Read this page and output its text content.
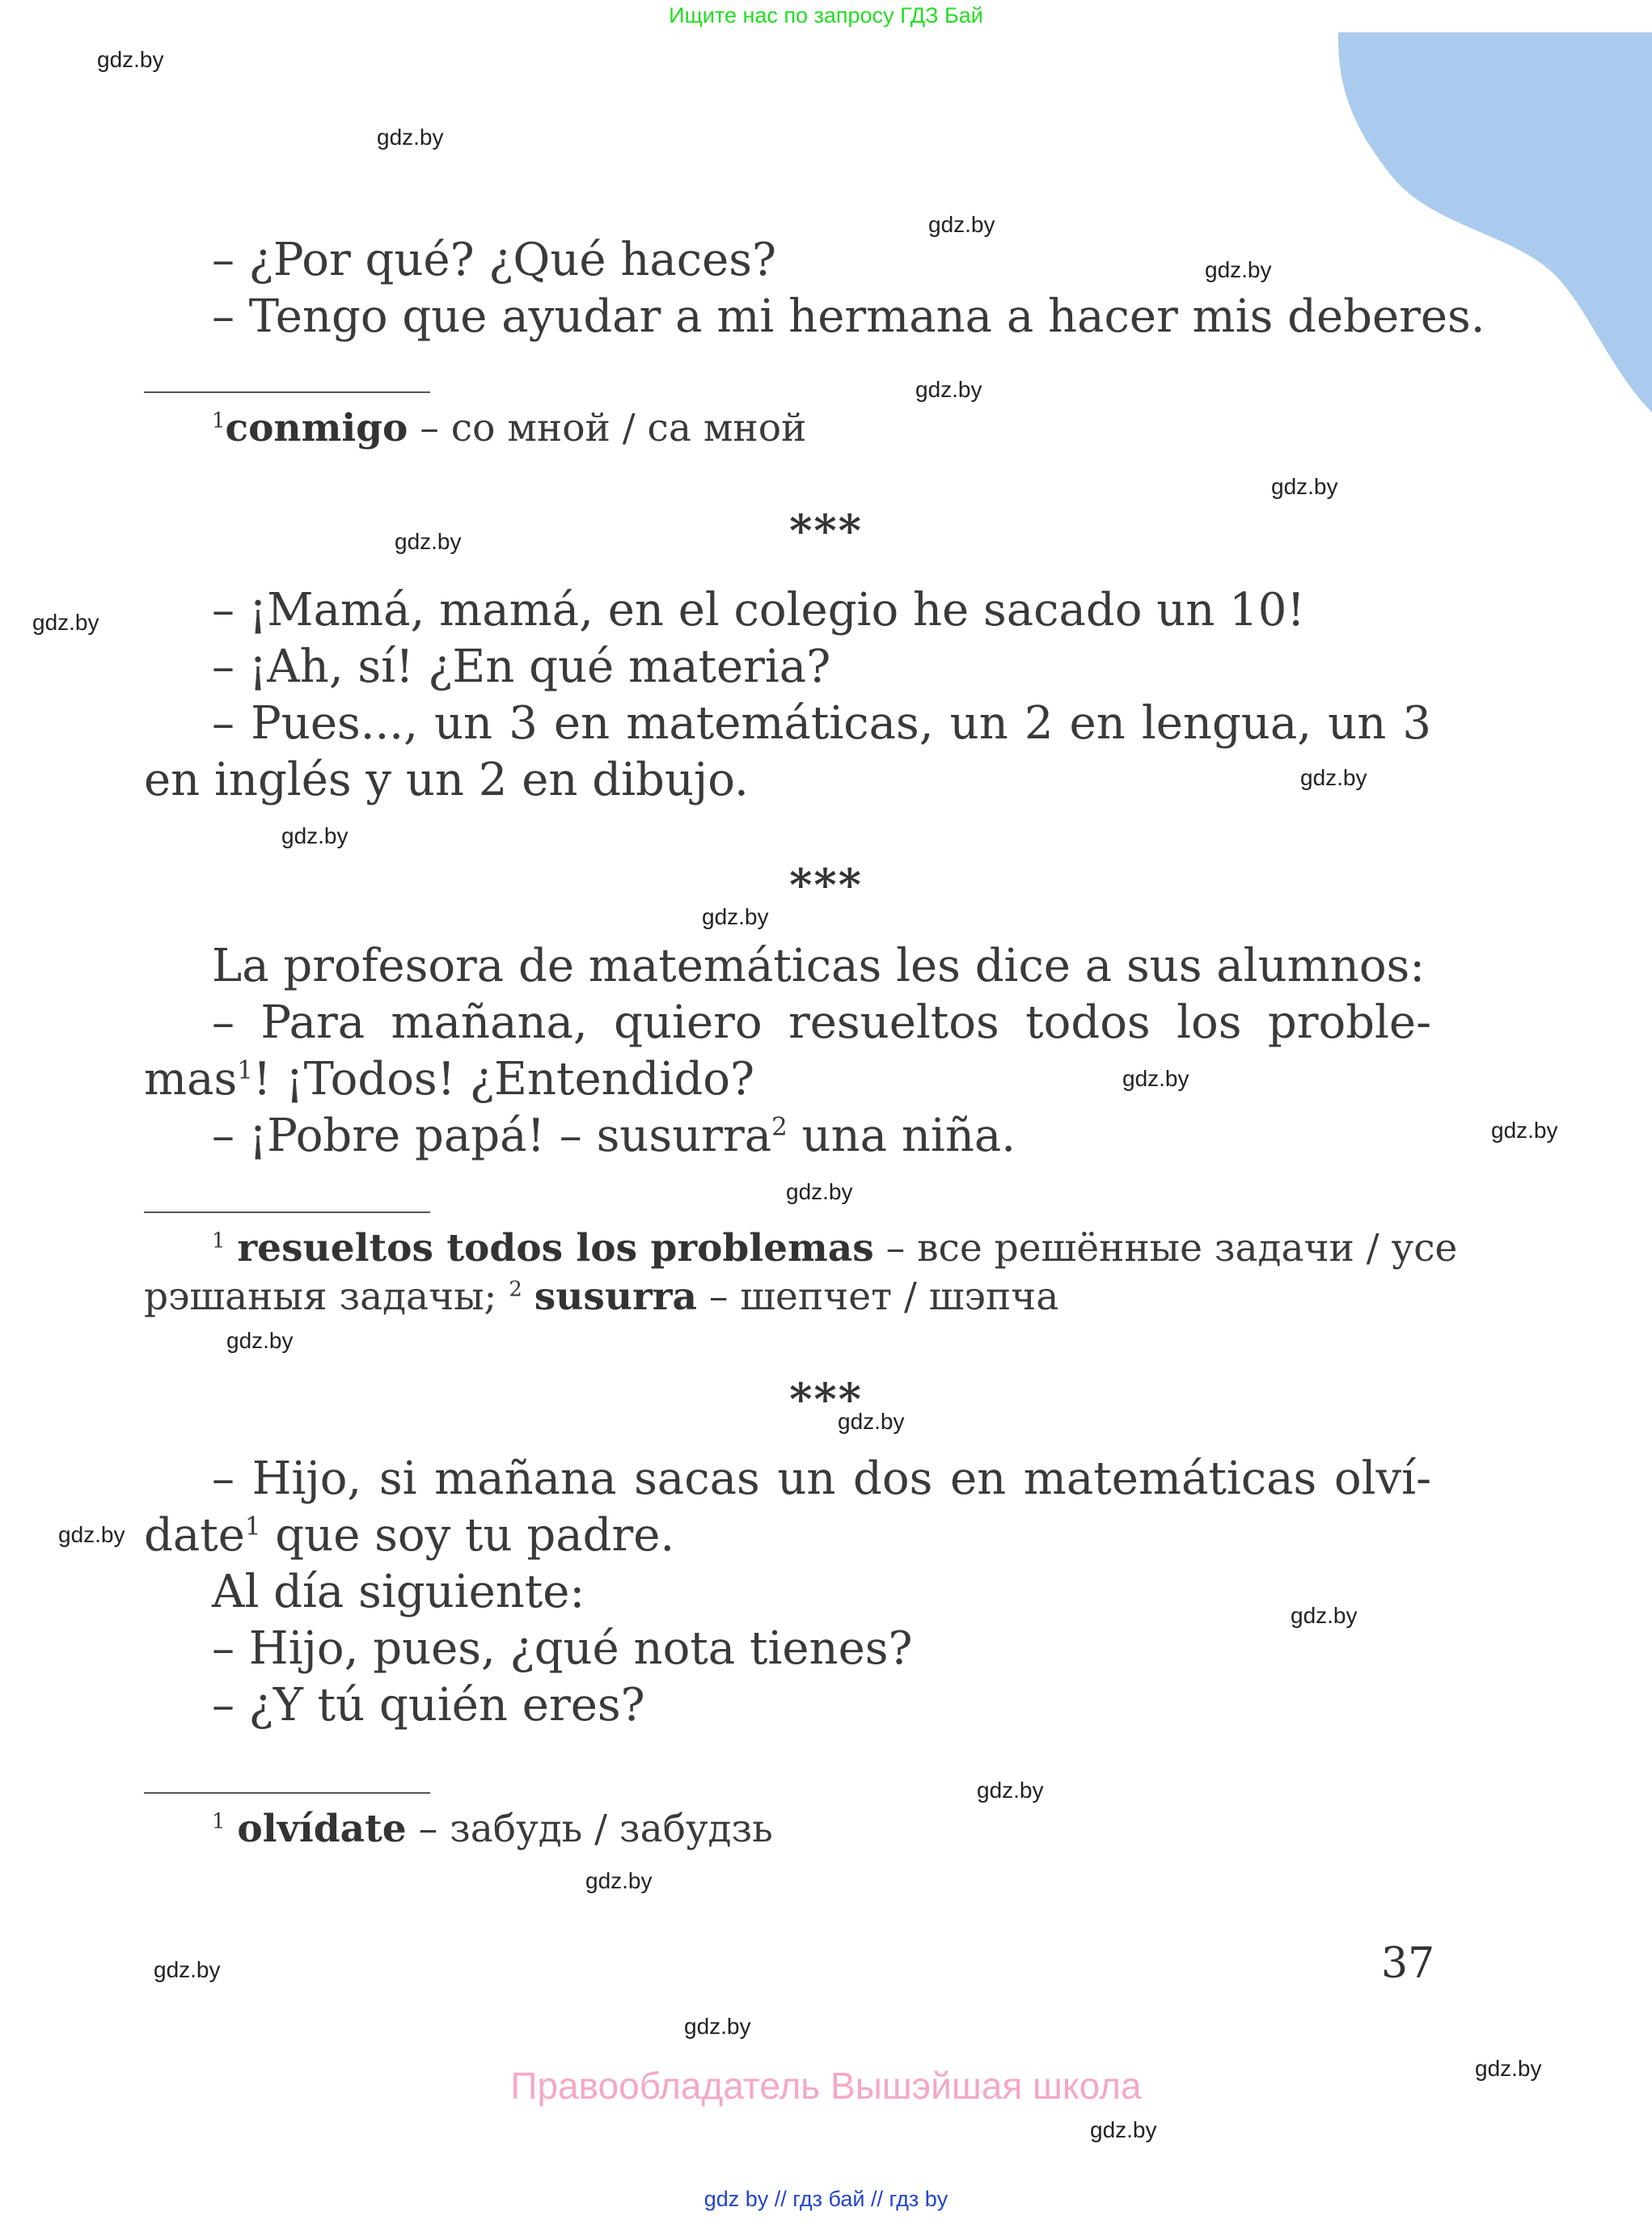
Ищите нас по запросу ГДЗ Бай
gdz.by
gdz.by
gdz.by
gdz.by
gdz.by
gdz.by
gdz.by
gdz.by
gdz.by
gdz.by
gdz.by
gdz.by
gdz.by
gdz.by
gdz.by
gdz.by
gdz.by
gdz.by
gdz.by
gdz.by
gdz.by
gdz.by
gdz.by
gdz.by
– ¿Por qué? ¿Qué haces?
– Tengo que ayudar a mi hermana a hacer mis deberes.
$^1$conmigo – со мной / са мной
***
– ¡Mamá, mamá, en el colegio he sacado un 10!
– ¡Ah, sí! ¿En qué materia?
– Pues..., un 3 en matemáticas, un 2 en lengua, un 3
en inglés y un 2 en dibujo.
***
La profesora de matemáticas les dice a sus alumnos:
– Para mañana, quiero resueltos todos los proble-
mas$^1$! ¡Todos! ¿Entendido?
– ¡Pobre papá! – susurra$^2$ una niña.
$^1$ resueltos todos los problemas – все решённые задачи / усе
рэшаныя задачы; $^2$ susurra – шепчет / шэпча
***
– Hijo, si mañana sacas un dos en matemáticas olví-
date$^1$ que soy tu padre.
Al día siguiente:
– Hijo, pues, ¿qué nota tienes?
– ¿Y tú quién eres?
$^1$ olvídate – забудь / забудзь
37
Правообладатель Вышэйшая школа
gdz by // гдз бай // гдз by
